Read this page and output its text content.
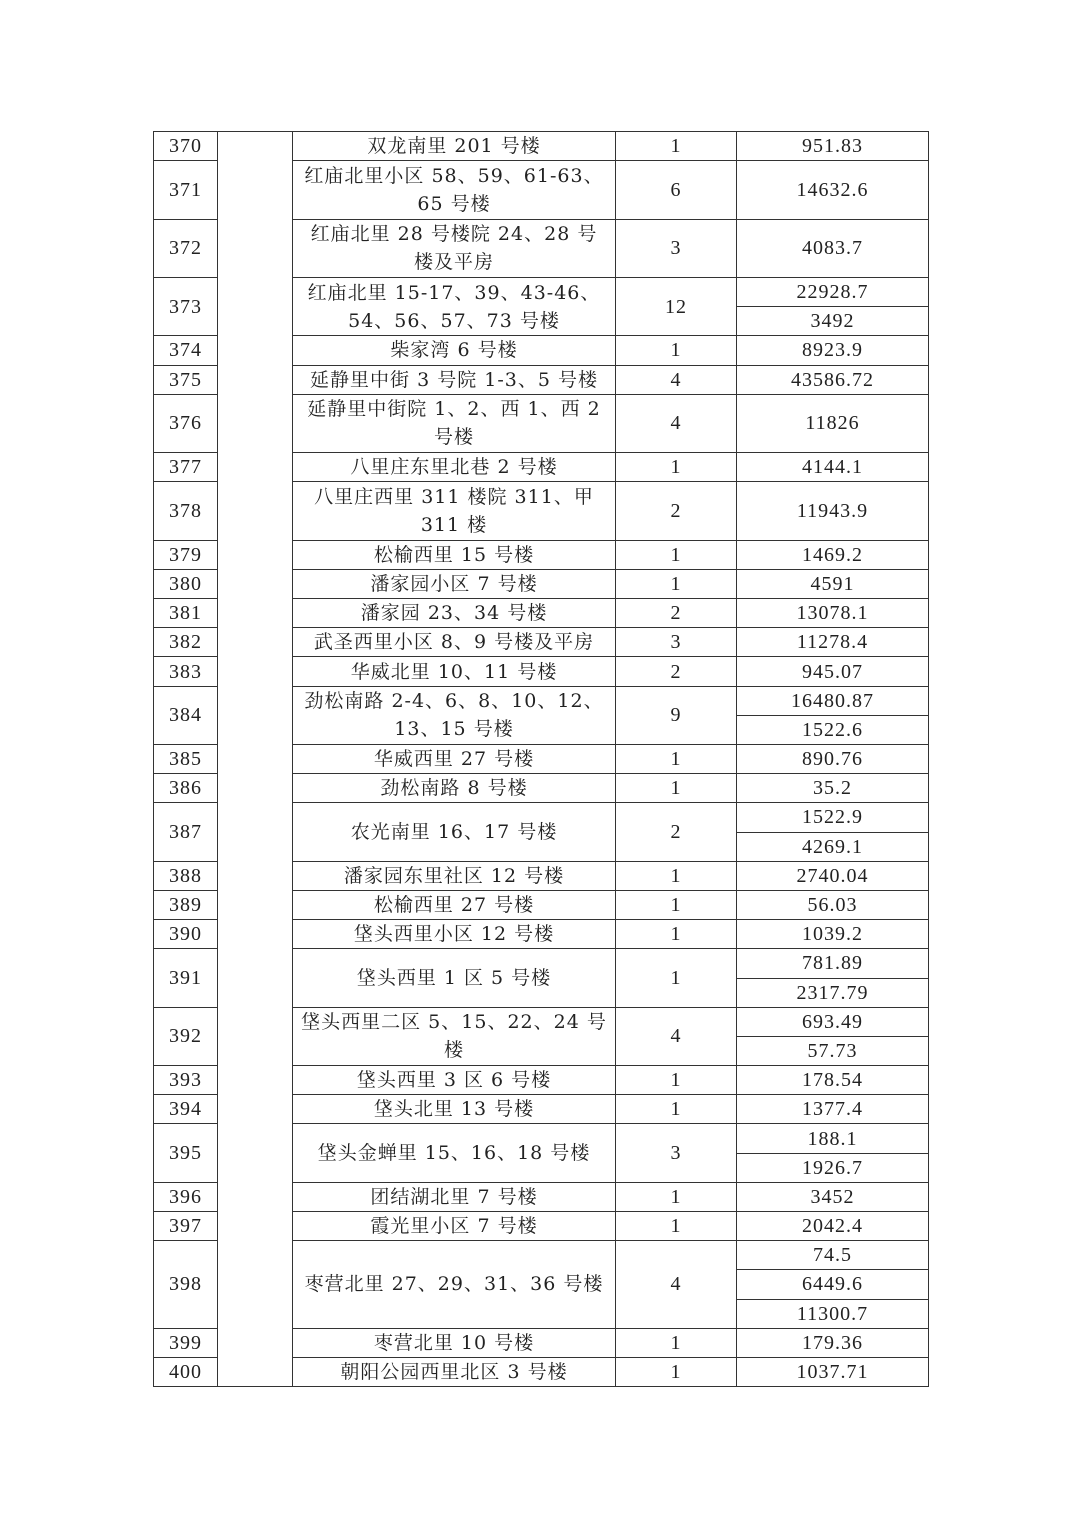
370		双龙南里 201 号楼	1	951.83
371		红庙北里小区 58、59、61-63、65 号楼	6	14632.6
372		红庙北里 28 号楼院 24、28 号楼及平房	3	4083.7
373		红庙北里 15-17、39、43-46、54、56、57、73 号楼	12	22928.7
				3492
374		柴家湾 6 号楼	1	8923.9
375		延静里中街 3 号院 1-3、5 号楼	4	43586.72
376		延静里中街院 1、2、西 1、西 2 号楼	4	11826
377		八里庄东里北巷 2 号楼	1	4144.1
378		八里庄西里 311 楼院 311、甲 311 楼	2	11943.9
379		松榆西里 15 号楼	1	1469.2
380		潘家园小区 7 号楼	1	4591
381		潘家园 23、34 号楼	2	13078.1
382		武圣西里小区 8、9 号楼及平房	3	11278.4
383		华威北里 10、11 号楼	2	945.07
384		劲松南路 2-4、6、8、10、12、13、15 号楼	9	16480.87
				1522.6
385		华威西里 27 号楼	1	890.76
386		劲松南路 8 号楼	1	35.2
387		农光南里 16、17 号楼	2	1522.9
				4269.1
388		潘家园东里社区 12 号楼	1	2740.04
389		松榆西里 27 号楼	1	56.03
390		垡头西里小区 12 号楼	1	1039.2
391		垡头西里 1 区 5 号楼	1	781.89
				2317.79
392		垡头西里二区 5、15、22、24 号楼	4	693.49
				57.73
393		垡头西里 3 区 6 号楼	1	178.54
394		垡头北里 13 号楼	1	1377.4
395		垡头金蝉里 15、16、18 号楼	3	188.1
				1926.7
396		团结湖北里 7 号楼	1	3452
397		霞光里小区 7 号楼	1	2042.4
398		枣营北里 27、29、31、36 号楼	4	74.5
				6449.6
				11300.7
399		枣营北里 10 号楼	1	179.36
400		朝阳公园西里北区 3 号楼	1	1037.71
